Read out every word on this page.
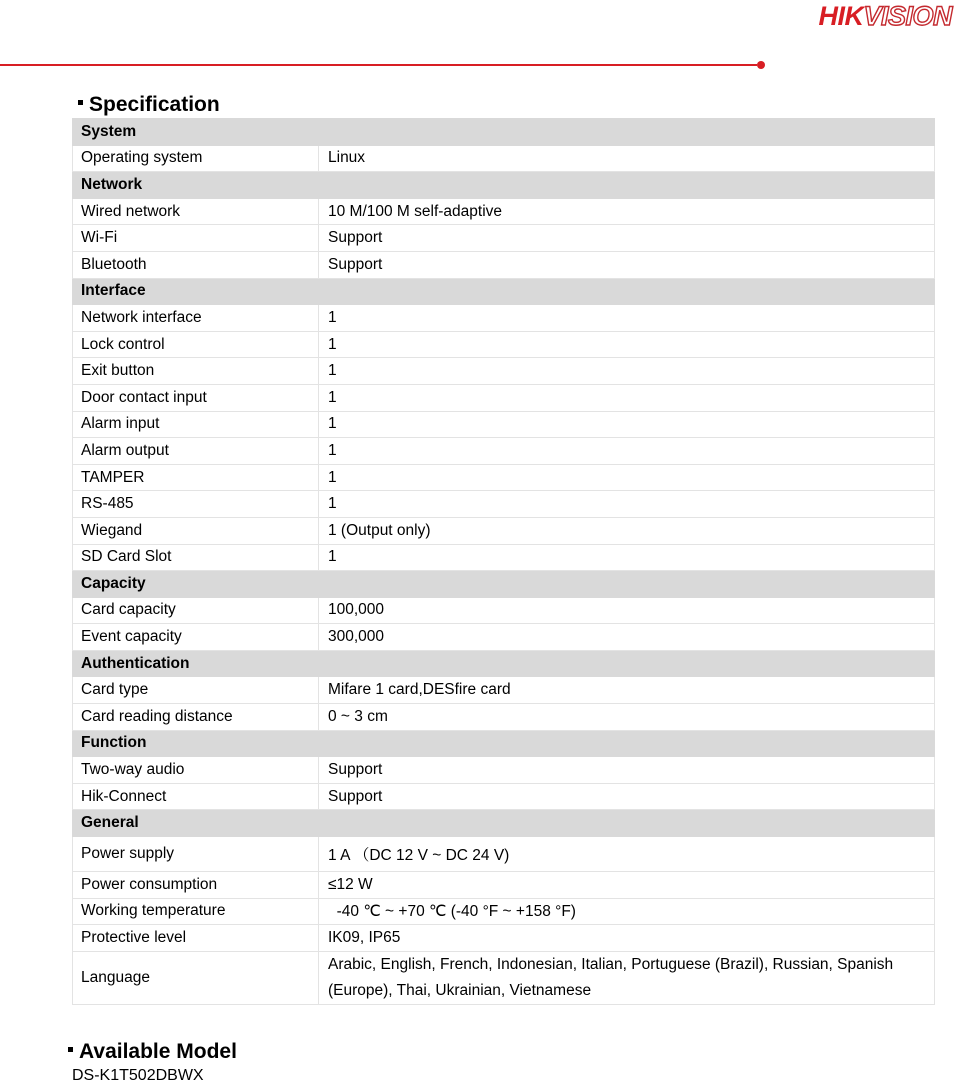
HIKVISION
Specification
System	
Operating system	Linux
Network	
Wired network	10 M/100 M self-adaptive
Wi-Fi	Support
Bluetooth	Support
Interface	
Network interface	1
Lock control	1
Exit button	1
Door contact input	1
Alarm input	1
Alarm output	1
TAMPER	1
RS-485	1
Wiegand	1 (Output only)
SD Card Slot	1
Capacity	
Card capacity	100,000
Event capacity	300,000
Authentication	
Card type	Mifare 1 card,DESfire card
Card reading distance	0 ~ 3 cm
Function	
Two-way audio	Support
Hik-Connect	Support
General	
Power supply	1 A （DC 12 V ~ DC 24 V)
Power consumption	≤12 W
Working temperature	-40 ℃ ~ +70 ℃ (-40 °F ~ +158 °F)
Protective level	IK09, IP65
Language	Arabic, English, French, Indonesian, Italian, Portuguese (Brazil), Russian, Spanish (Europe), Thai, Ukrainian, Vietnamese
Available Model
DS-K1T502DBWX
